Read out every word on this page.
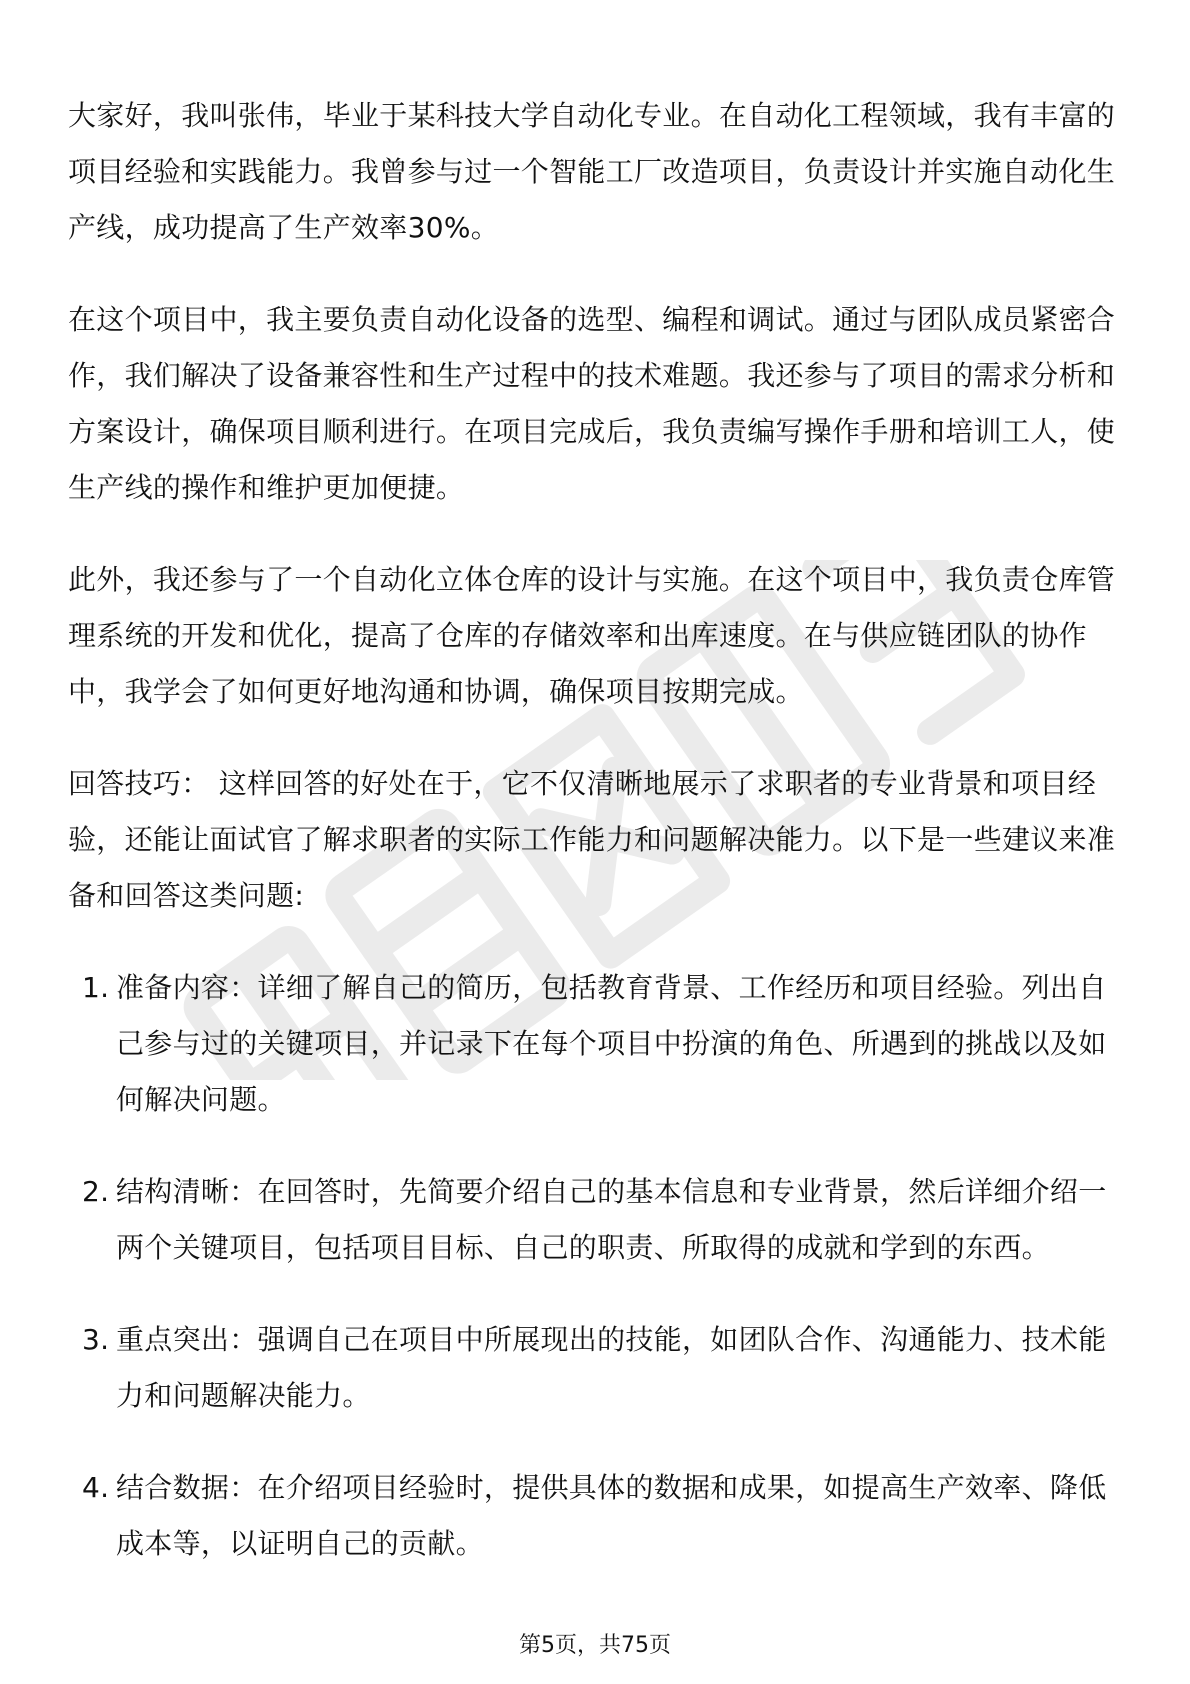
大家好，我叫张伟，毕业于某科技大学自动化专业。在自动化工程领域，我有丰富的项目经验和实践能力。我曾参与过一个智能工厂改造项目，负责设计并实施自动化生产线，成功提高了生产效率30%。

在这个项目中，我主要负责自动化设备的选型、编程和调试。通过与团队成员紧密合作，我们解决了设备兼容性和生产过程中的技术难题。我还参与了项目的需求分析和方案设计，确保项目顺利进行。在项目完成后，我负责编写操作手册和培训工人，使生产线的操作和维护更加便捷。

此外，我还参与了一个自动化立体仓库的设计与实施。在这个项目中，我负责仓库管理系统的开发和优化，提高了仓库的存储效率和出库速度。在与供应链团队的协作中，我学会了如何更好地沟通和协调，确保项目按期完成。

回答技巧： 这样回答的好处在于，它不仅清晰地展示了求职者的专业背景和项目经验，还能让面试官了解求职者的实际工作能力和问题解决能力。以下是一些建议来准备和回答这类问题:

1. 准备内容：详细了解自己的简历，包括教育背景、工作经历和项目经验。列出自己参与过的关键项目，并记录下在每个项目中扮演的角色、所遇到的挑战以及如何解决问题。
2. 结构清晰：在回答时，先简要介绍自己的基本信息和专业背景，然后详细介绍一两个关键项目，包括项目目标、自己的职责、所取得的成就和学到的东西。
3. 重点突出：强调自己在项目中所展现出的技能，如团队合作、沟通能力、技术能力和问题解决能力。
4. 结合数据：在介绍项目经验时，提供具体的数据和成果，如提高生产效率、降低成本等，以证明自己的贡献。
第5页，共75页
